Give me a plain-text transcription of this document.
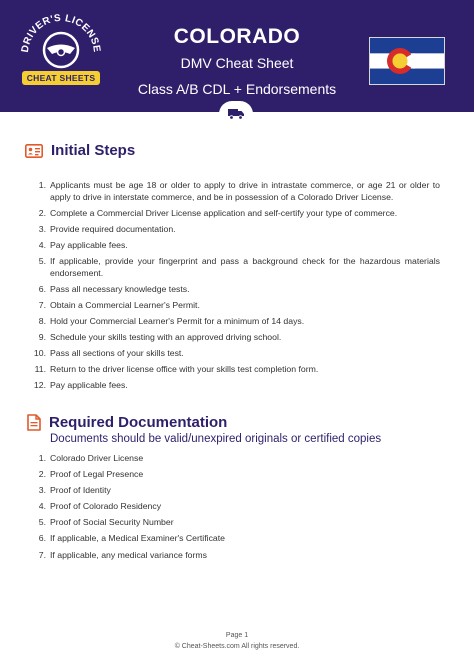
DRIVER'S LICENSE
CHEAT SHEETS
COLORADO
DMV Cheat Sheet
Class A/B CDL + Endorsements
Initial Steps
1. Applicants must be age 18 or older to apply to drive in intrastate commerce, or age 21 or older to apply to drive in interstate commerce, and be in possession of a Colorado Driver License.
2. Complete a Commercial Driver License application and self-certify your type of commerce.
3. Provide required documentation.
4. Pay applicable fees.
5. If applicable, provide your fingerprint and pass a background check for the hazardous materials endorsement.
6. Pass all necessary knowledge tests.
7. Obtain a Commercial Learner's Permit.
8. Hold your Commercial Learner's Permit for a minimum of 14 days.
9. Schedule your skills testing with an approved driving school.
10. Pass all sections of your skills test.
11. Return to the driver license office with your skills test completion form.
12. Pay applicable fees.
Required Documentation
Documents should be valid/unexpired originals or certified copies
1. Colorado Driver License
2. Proof of Legal Presence
3. Proof of Identity
4. Proof of Colorado Residency
5. Proof of Social Security Number
6. If applicable, a Medical Examiner's Certificate
7. If applicable, any medical variance forms
Page 1
© Cheat-Sheets.com All rights reserved.
